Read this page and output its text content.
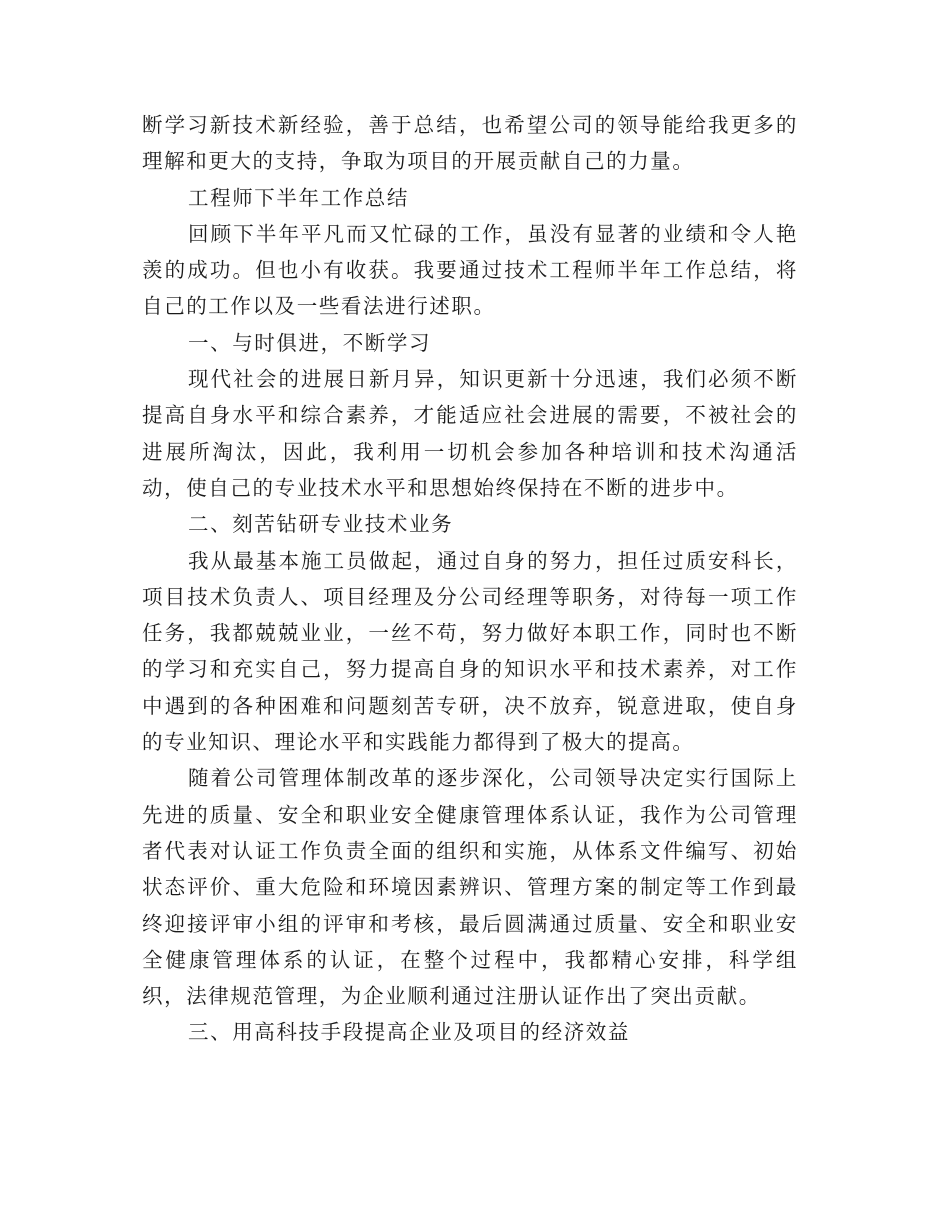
断学习新技术新经验，善于总结，也希望公司的领导能给我更多的理解和更大的支持，争取为项目的开展贡献自己的力量。

工程师下半年工作总结

回顾下半年平凡而又忙碌的工作，虽没有显著的业绩和令人艳羡的成功。但也小有收获。我要通过技术工程师半年工作总结，将自己的工作以及一些看法进行述职。

一、与时俱进，不断学习

现代社会的进展日新月异，知识更新十分迅速，我们必须不断提高自身水平和综合素养，才能适应社会进展的需要，不被社会的进展所淘汰，因此，我利用一切机会参加各种培训和技术沟通活动，使自己的专业技术水平和思想始终保持在不断的进步中。

二、刻苦钻研专业技术业务

我从最基本施工员做起，通过自身的努力，担任过质安科长，项目技术负责人、项目经理及分公司经理等职务，对待每一项工作任务，我都兢兢业业，一丝不苟，努力做好本职工作，同时也不断的学习和充实自己，努力提高自身的知识水平和技术素养，对工作中遇到的各种困难和问题刻苦专研，决不放弃，锐意进取，使自身的专业知识、理论水平和实践能力都得到了极大的提高。

随着公司管理体制改革的逐步深化，公司领导决定实行国际上先进的质量、安全和职业安全健康管理体系认证，我作为公司管理者代表对认证工作负责全面的组织和实施，从体系文件编写、初始状态评价、重大危险和环境因素辨识、管理方案的制定等工作到最终迎接评审小组的评审和考核，最后圆满通过质量、安全和职业安全健康管理体系的认证，在整个过程中，我都精心安排，科学组织，法律规范管理，为企业顺利通过注册认证作出了突出贡献。

三、用高科技手段提高企业及项目的经济效益
